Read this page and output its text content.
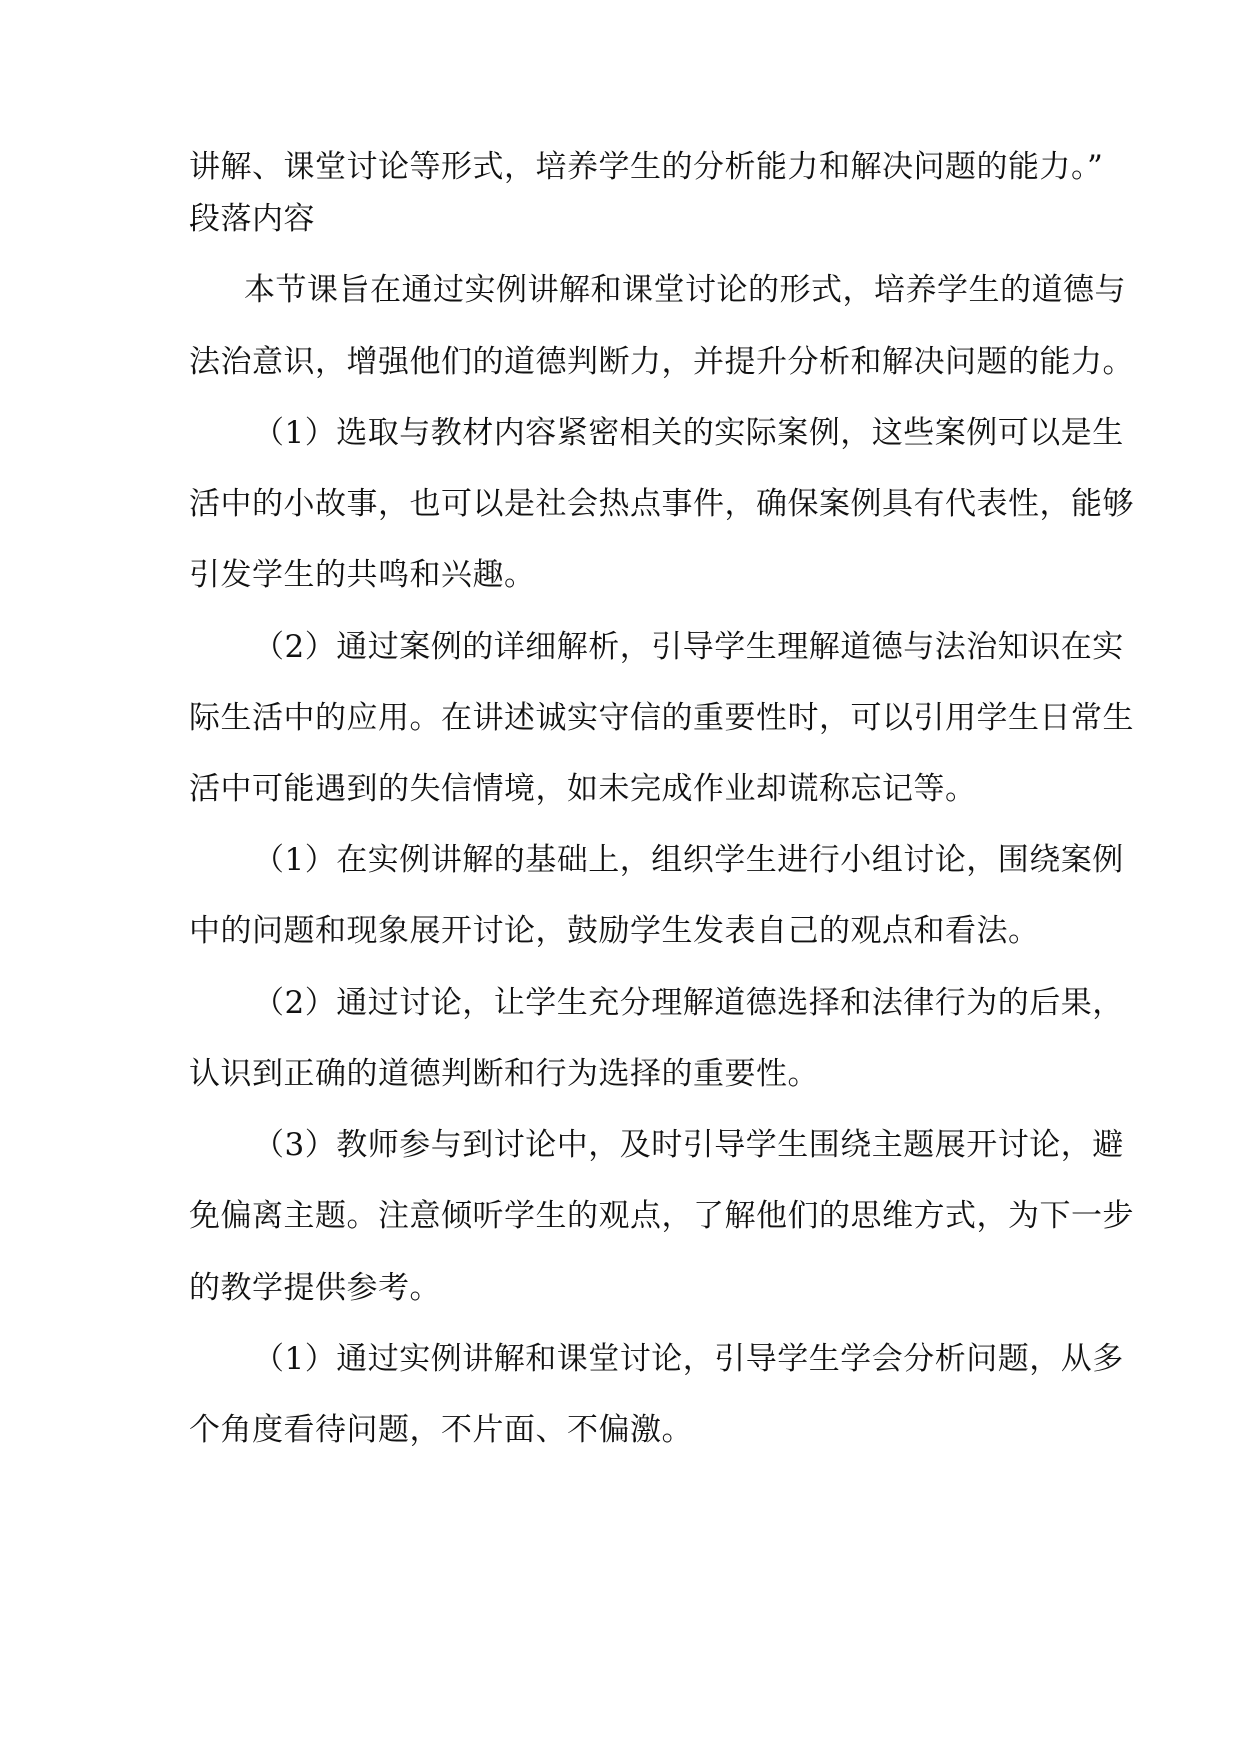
讲解、课堂讨论等形式，培养学生的分析能力和解决问题的能力。”
段落内容
本节课旨在通过实例讲解和课堂讨论的形式，培养学生的道德与
法治意识，增强他们的道德判断力，并提升分析和解决问题的能力。
（1）选取与教材内容紧密相关的实际案例，这些案例可以是生
活中的小故事，也可以是社会热点事件，确保案例具有代表性，能够
引发学生的共鸣和兴趣。
（2）通过案例的详细解析，引导学生理解道德与法治知识在实
际生活中的应用。在讲述诚实守信的重要性时，可以引用学生日常生
活中可能遇到的失信情境，如未完成作业却谎称忘记等。
（1）在实例讲解的基础上，组织学生进行小组讨论，围绕案例
中的问题和现象展开讨论，鼓励学生发表自己的观点和看法。
（2）通过讨论，让学生充分理解道德选择和法律行为的后果，
认识到正确的道德判断和行为选择的重要性。
（3）教师参与到讨论中，及时引导学生围绕主题展开讨论，避
免偏离主题。注意倾听学生的观点，了解他们的思维方式，为下一步
的教学提供参考。
（1）通过实例讲解和课堂讨论，引导学生学会分析问题，从多
个角度看待问题，不片面、不偏激。
